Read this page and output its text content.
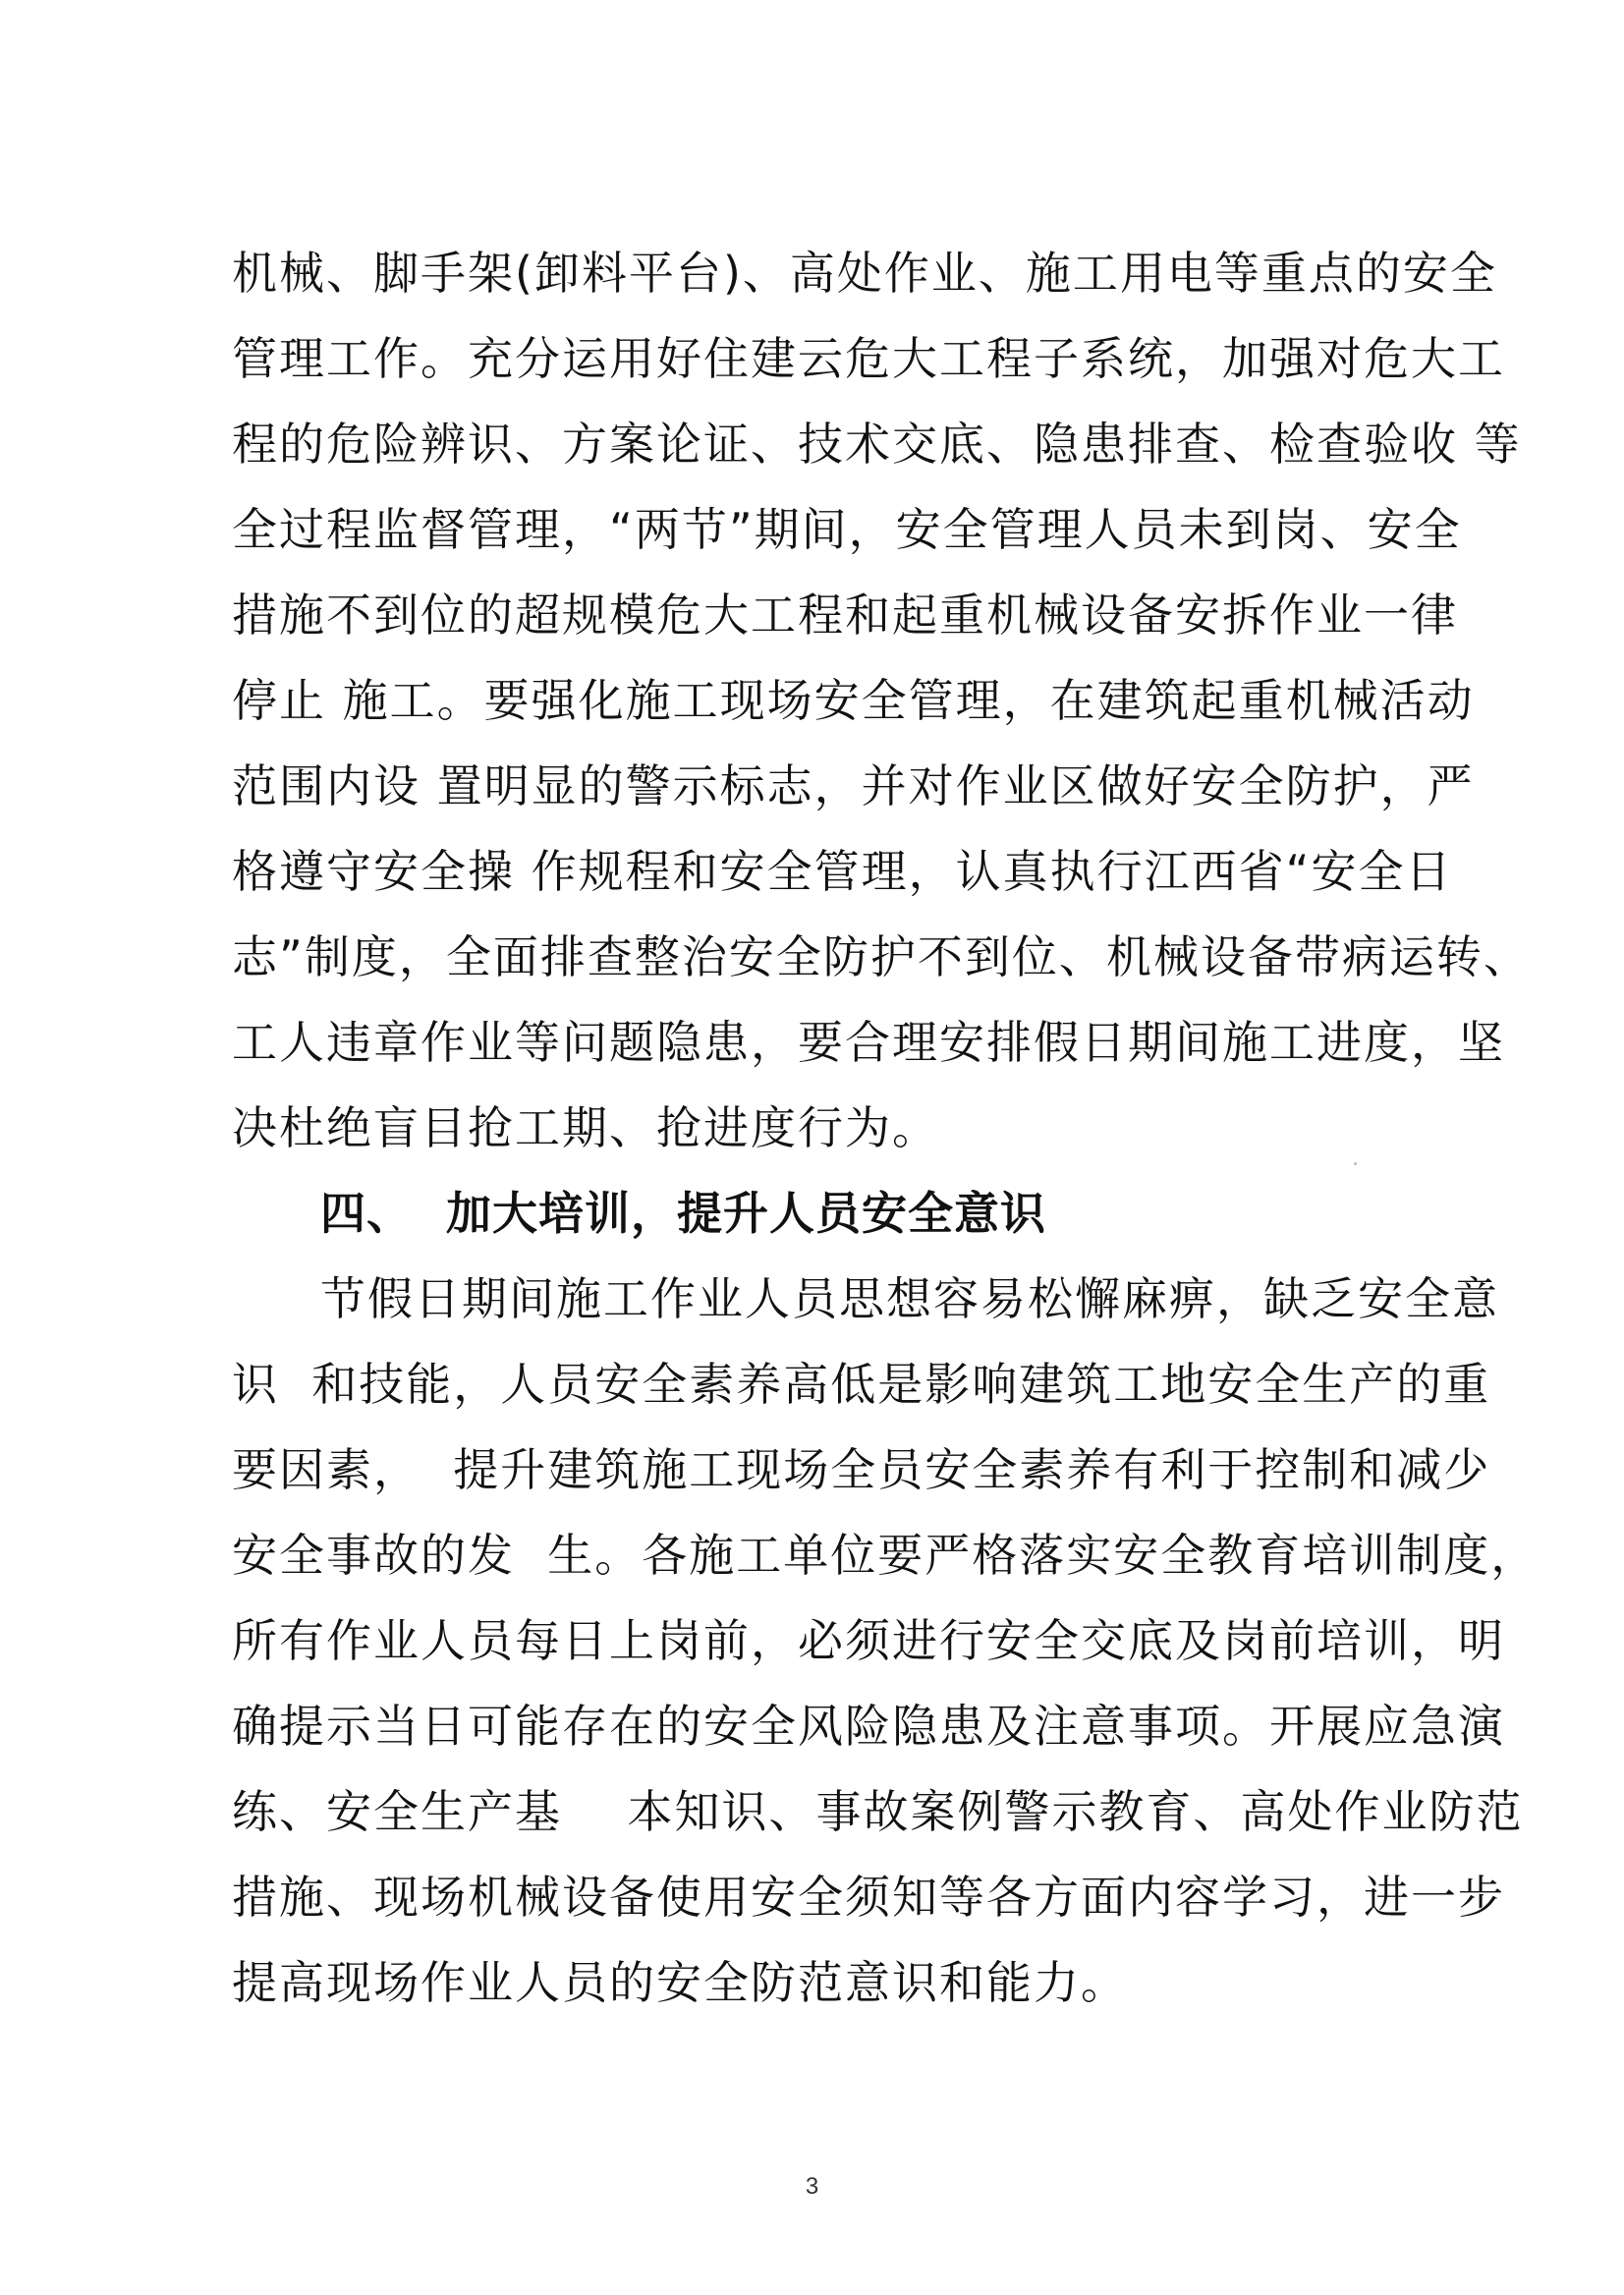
机械、脚手架(卸料平台)、高处作业、施工用电等重点的安全
管理工作。充分运用好住建云危大工程子系统，加强对危大工
程的危险辨识、方案论证、技术交底、隐患排查、检查验收 等
全过程监督管理，“两节”期间，安全管理人员未到岗、安全
措施不到位的超规模危大工程和起重机械设备安拆作业一律
停止 施工。要强化施工现场安全管理，在建筑起重机械活动
范围内设 置明显的警示标志，并对作业区做好安全防护，严
格遵守安全操 作规程和安全管理，认真执行江西省“安全日
志”制度，全面排查整治安全防护不到位、机械设备带病运转、
工人违章作业等问题隐患，要合理安排假日期间施工进度，坚
决杜绝盲目抢工期、抢进度行为。
四、  加大培训，提升人员安全意识
节假日期间施工作业人员思想容易松懈麻痹，缺乏安全意
识  和技能，人员安全素养高低是影响建筑工地安全生产的重
要因素，  提升建筑施工现场全员安全素养有利于控制和减少
安全事故的发  生。各施工单位要严格落实安全教育培训制度，
所有作业人员每日上岗前，必须进行安全交底及岗前培训，明
确提示当日可能存在的安全风险隐患及注意事项。开展应急演
练、安全生产基    本知识、事故案例警示教育、高处作业防范
措施、现场机械设备使用安全须知等各方面内容学习，进一步
提高现场作业人员的安全防范意识和能力。
3
